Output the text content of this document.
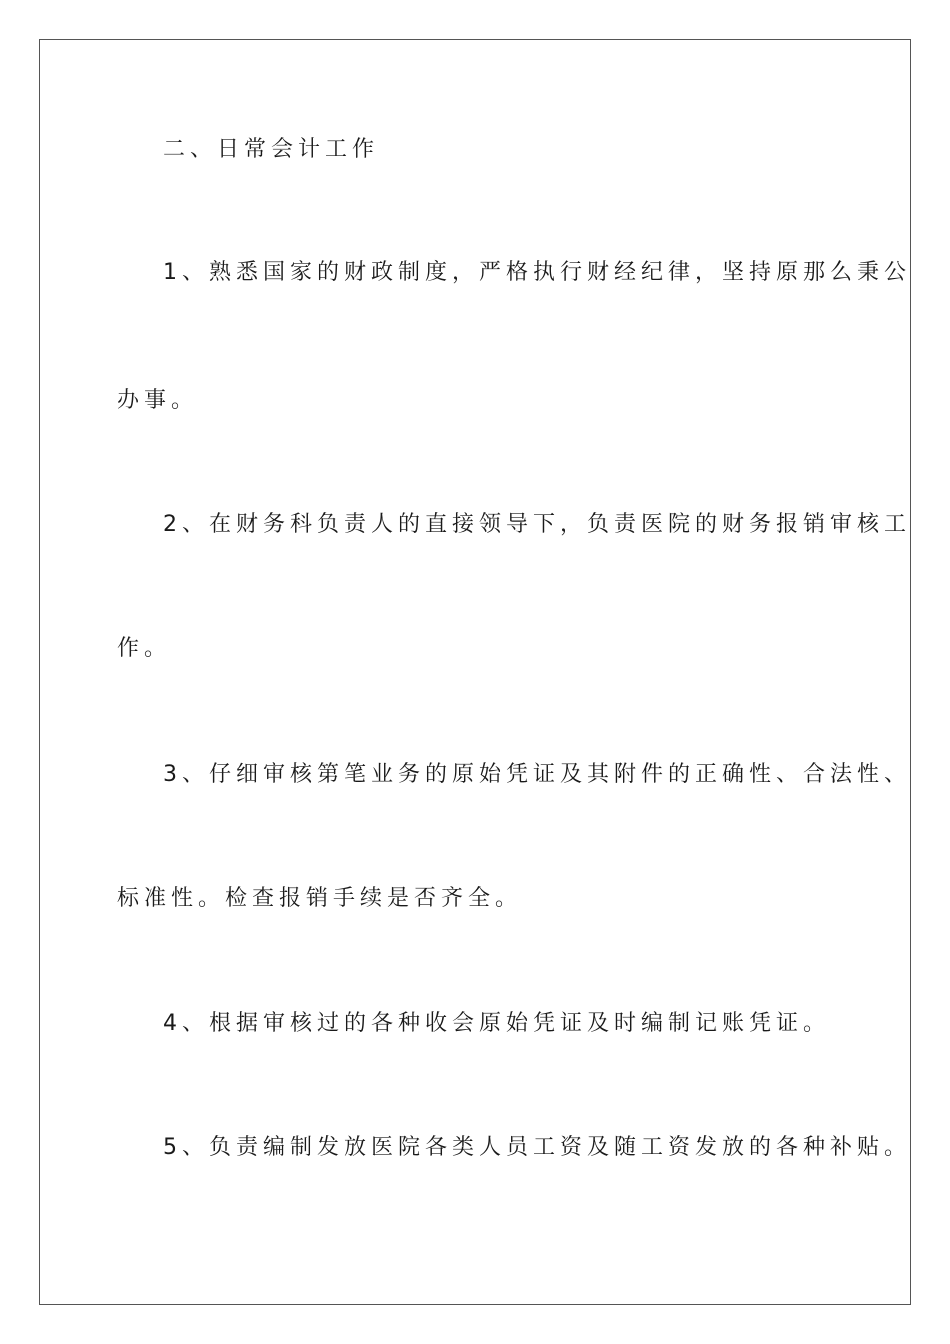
二、日常会计工作
1、熟悉国家的财政制度，严格执行财经纪律，坚持原那么秉公
办事。
2、在财务科负责人的直接领导下，负责医院的财务报销审核工
作。
3、仔细审核第笔业务的原始凭证及其附件的正确性、合法性、
标准性。检查报销手续是否齐全。
4、根据审核过的各种收会原始凭证及时编制记账凭证。
5、负责编制发放医院各类人员工资及随工资发放的各种补贴。
